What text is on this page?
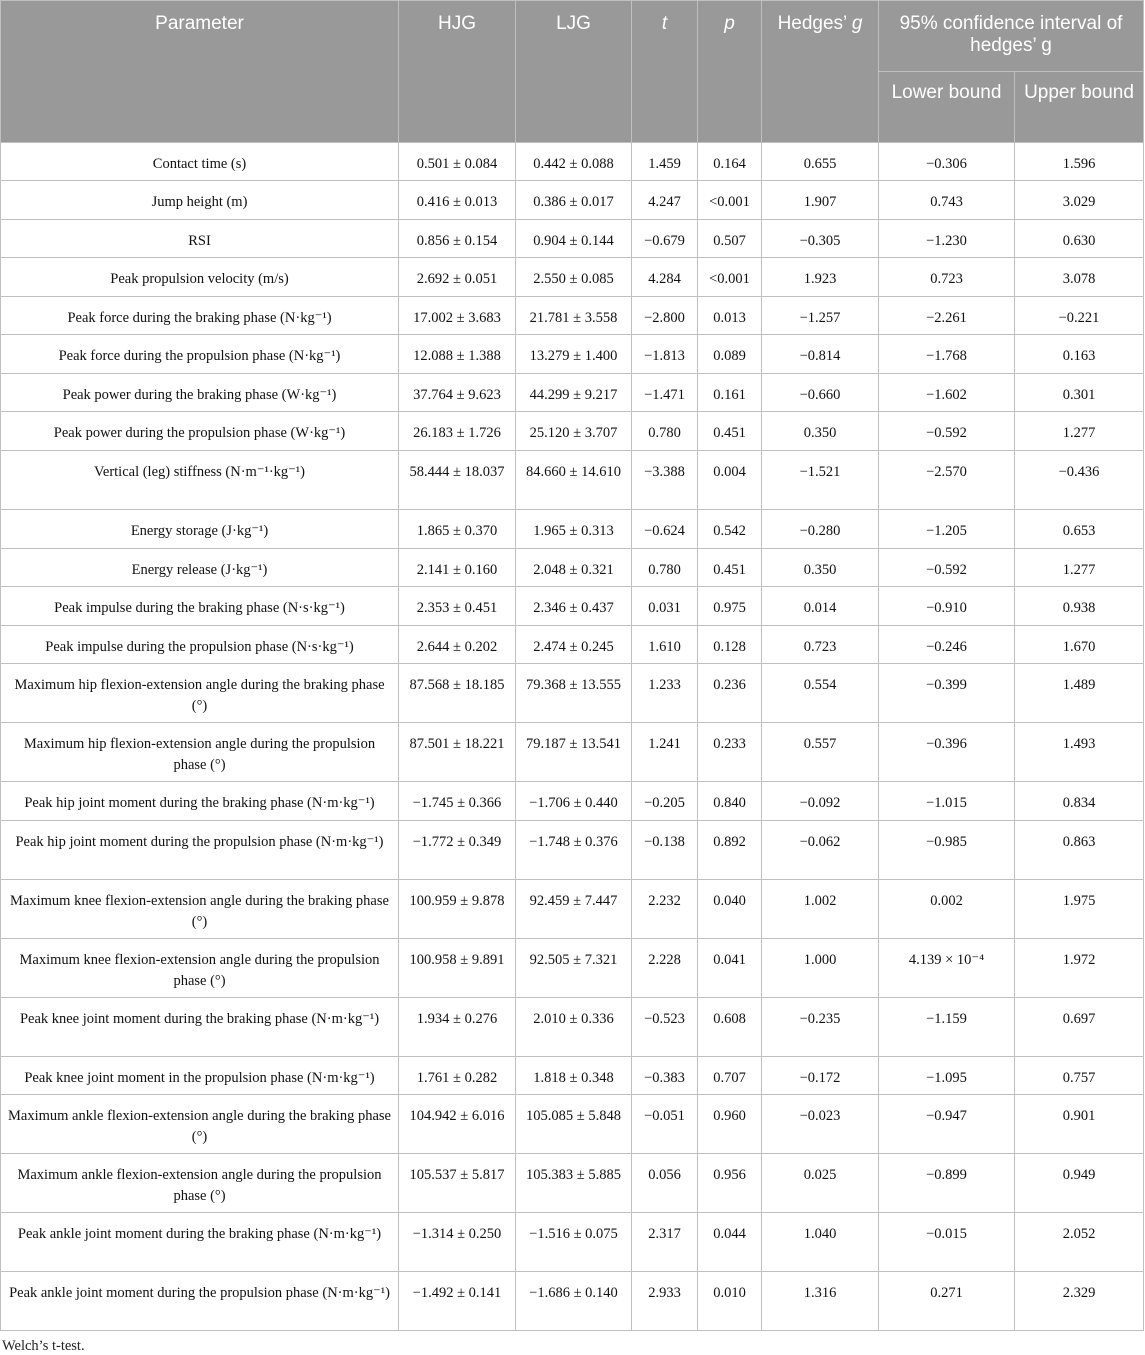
Parameter	HJG	LJG	t	p	Hedges’ g	95% confidence interval of hedges’ g	
						Lower bound	Upper bound
Contact time (s)	0.501 ± 0.084	0.442 ± 0.088	1.459	0.164	0.655	−0.306	1.596
Jump height (m)	0.416 ± 0.013	0.386 ± 0.017	4.247	<0.001	1.907	0.743	3.029
RSI	0.856 ± 0.154	0.904 ± 0.144	−0.679	0.507	−0.305	−1.230	0.630
Peak propulsion velocity (m/s)	2.692 ± 0.051	2.550 ± 0.085	4.284	<0.001	1.923	0.723	3.078
Peak force during the braking phase (N·kg⁻¹)	17.002 ± 3.683	21.781 ± 3.558	−2.800	0.013	−1.257	−2.261	−0.221
Peak force during the propulsion phase (N·kg⁻¹)	12.088 ± 1.388	13.279 ± 1.400	−1.813	0.089	−0.814	−1.768	0.163
Peak power during the braking phase (W·kg⁻¹)	37.764 ± 9.623	44.299 ± 9.217	−1.471	0.161	−0.660	−1.602	0.301
Peak power during the propulsion phase (W·kg⁻¹)	26.183 ± 1.726	25.120 ± 3.707	0.780	0.451	0.350	−0.592	1.277
Vertical (leg) stiffness (N·m⁻¹·kg⁻¹)	58.444 ± 18.037	84.660 ± 14.610	−3.388	0.004	−1.521	−2.570	−0.436
Energy storage (J·kg⁻¹)	1.865 ± 0.370	1.965 ± 0.313	−0.624	0.542	−0.280	−1.205	0.653
Energy release (J·kg⁻¹)	2.141 ± 0.160	2.048 ± 0.321	0.780	0.451	0.350	−0.592	1.277
Peak impulse during the braking phase (N·s·kg⁻¹)	2.353 ± 0.451	2.346 ± 0.437	0.031	0.975	0.014	−0.910	0.938
Peak impulse during the propulsion phase (N·s·kg⁻¹)	2.644 ± 0.202	2.474 ± 0.245	1.610	0.128	0.723	−0.246	1.670
Maximum hip flexion-extension angle during the braking phase (°)	87.568 ± 18.185	79.368 ± 13.555	1.233	0.236	0.554	−0.399	1.489
Maximum hip flexion-extension angle during the propulsion phase (°)	87.501 ± 18.221	79.187 ± 13.541	1.241	0.233	0.557	−0.396	1.493
Peak hip joint moment during the braking phase (N·m·kg⁻¹)	−1.745 ± 0.366	−1.706 ± 0.440	−0.205	0.840	−0.092	−1.015	0.834
Peak hip joint moment during the propulsion phase (N·m·kg⁻¹)	−1.772 ± 0.349	−1.748 ± 0.376	−0.138	0.892	−0.062	−0.985	0.863
Maximum knee flexion-extension angle during the braking phase (°)	100.959 ± 9.878	92.459 ± 7.447	2.232	0.040	1.002	0.002	1.975
Maximum knee flexion-extension angle during the propulsion phase (°)	100.958 ± 9.891	92.505 ± 7.321	2.228	0.041	1.000	4.139 × 10⁻⁴	1.972
Peak knee joint moment during the braking phase (N·m·kg⁻¹)	1.934 ± 0.276	2.010 ± 0.336	−0.523	0.608	−0.235	−1.159	0.697
Peak knee joint moment in the propulsion phase (N·m·kg⁻¹)	1.761 ± 0.282	1.818 ± 0.348	−0.383	0.707	−0.172	−1.095	0.757
Maximum ankle flexion-extension angle during the braking phase (°)	104.942 ± 6.016	105.085 ± 5.848	−0.051	0.960	−0.023	−0.947	0.901
Maximum ankle flexion-extension angle during the propulsion phase (°)	105.537 ± 5.817	105.383 ± 5.885	0.056	0.956	0.025	−0.899	0.949
Peak ankle joint moment during the braking phase (N·m·kg⁻¹)	−1.314 ± 0.250	−1.516 ± 0.075	2.317	0.044	1.040	−0.015	2.052
Peak ankle joint moment during the propulsion phase (N·m·kg⁻¹)	−1.492 ± 0.141	−1.686 ± 0.140	2.933	0.010	1.316	0.271	2.329
Welch’s t-test.
